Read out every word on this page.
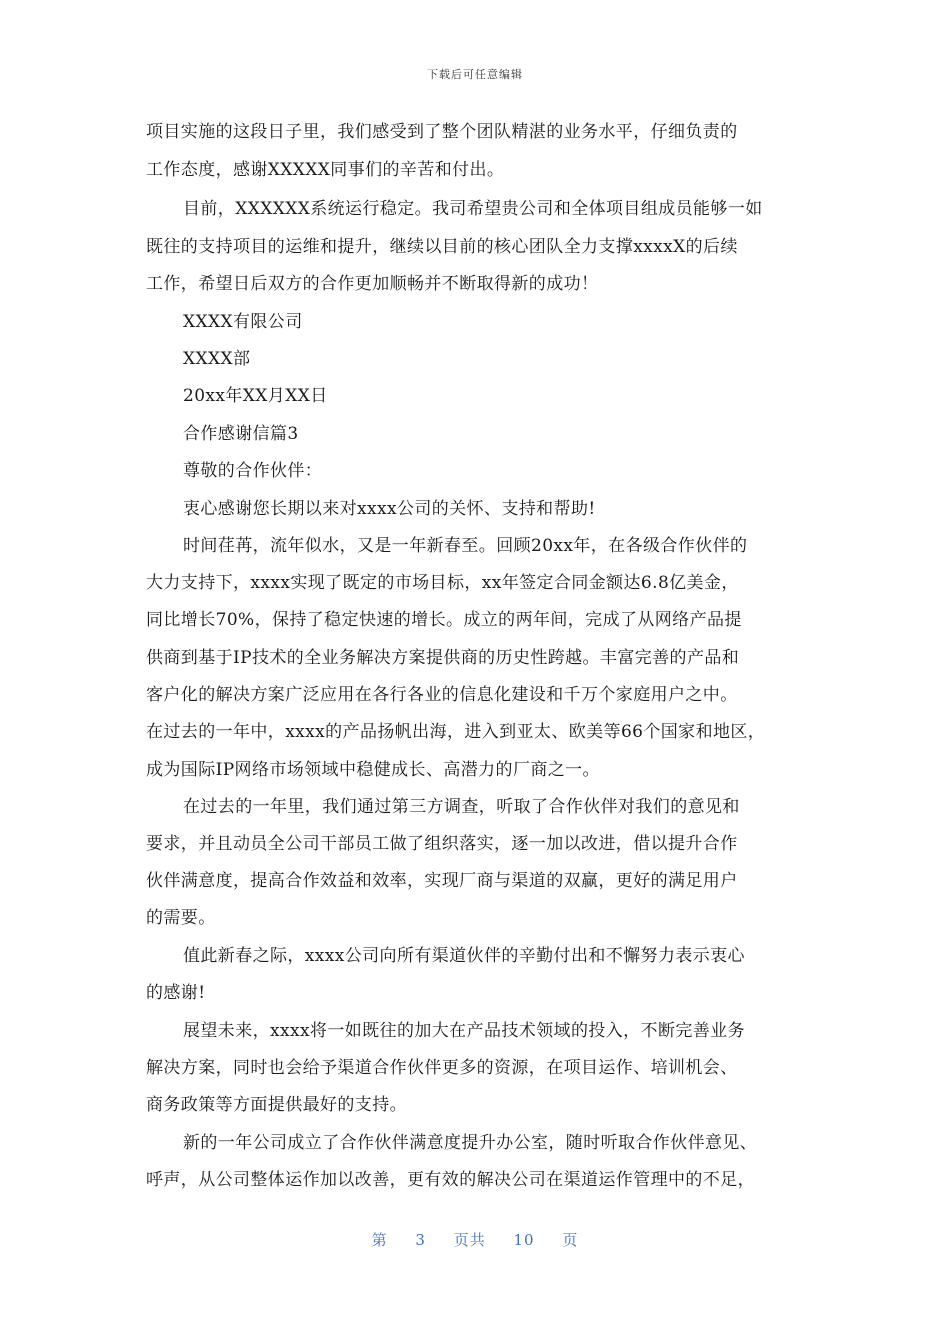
下载后可任意编辑
项目实施的这段日子里，我们感受到了整个团队精湛的业务水平，仔细负责的
工作态度，感谢XXXXX同事们的辛苦和付出。
目前，XXXXXX系统运行稳定。我司希望贵公司和全体项目组成员能够一如
既往的支持项目的运维和提升，继续以目前的核心团队全力支撑xxxxX的后续
工作，希望日后双方的合作更加顺畅并不断取得新的成功！
XXXX有限公司
XXXX部
20xx年XX月XX日
合作感谢信篇3
尊敬的合作伙伴：
衷心感谢您长期以来对xxxx公司的关怀、支持和帮助!
时间荏苒，流年似水，又是一年新春至。回顾20xx年，在各级合作伙伴的
大力支持下，xxxx实现了既定的市场目标，xx年签定合同金额达6.8亿美金，
同比增长70%，保持了稳定快速的增长。成立的两年间，完成了从网络产品提
供商到基于IP技术的全业务解决方案提供商的历史性跨越。丰富完善的产品和
客户化的解决方案广泛应用在各行各业的信息化建设和千万个家庭用户之中。
在过去的一年中，xxxx的产品扬帆出海，进入到亚太、欧美等66个国家和地区，
成为国际IP网络市场领域中稳健成长、高潜力的厂商之一。
在过去的一年里，我们通过第三方调查，听取了合作伙伴对我们的意见和
要求，并且动员全公司干部员工做了组织落实，逐一加以改进，借以提升合作
伙伴满意度，提高合作效益和效率，实现厂商与渠道的双赢，更好的满足用户
的需要。
值此新春之际，xxxx公司向所有渠道伙伴的辛勤付出和不懈努力表示衷心
的感谢!
展望未来，xxxx将一如既往的加大在产品技术领域的投入，不断完善业务
解决方案，同时也会给予渠道合作伙伴更多的资源，在项目运作、培训机会、
商务政策等方面提供最好的支持。
新的一年公司成立了合作伙伴满意度提升办公室，随时听取合作伙伴意见、
呼声，从公司整体运作加以改善，更有效的解决公司在渠道运作管理中的不足，
第 3 页共 10 页
